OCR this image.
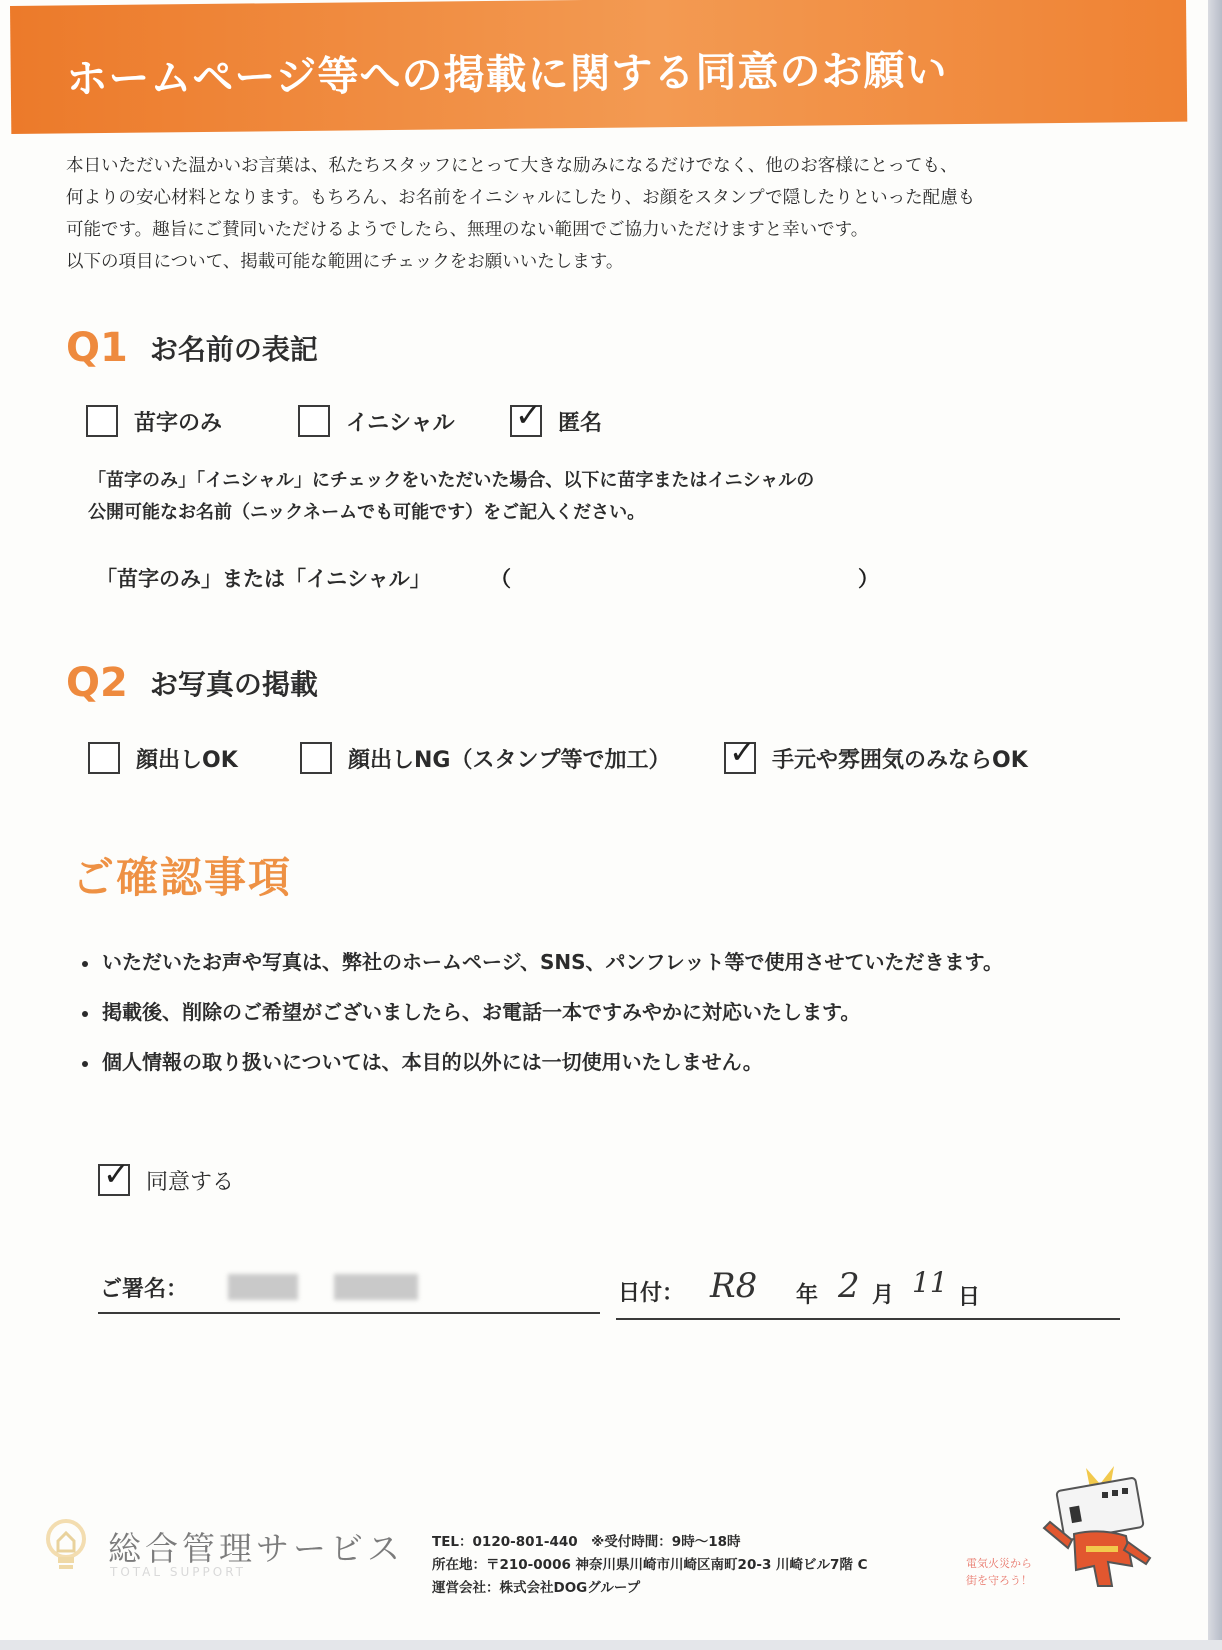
ホームページ等への掲載に関する同意のお願い
本日いただいた温かいお言葉は、私たちスタッフにとって大きな励みになるだけでなく、他のお客様にとっても、
何よりの安心材料となります。もちろん、お名前をイニシャルにしたり、お顔をスタンプで隠したりといった配慮も
可能です。趣旨にご賛同いただけるようでしたら、無理のない範囲でご協力いただけますと幸いです。
以下の項目について、掲載可能な範囲にチェックをお願いいたします。
Q1 お名前の表記
苗字のみ	イニシャル ✓ 匿名
「苗字のみ」「イニシャル」にチェックをいただいた場合、以下に苗字またはイニシャルの
公開可能なお名前（ニックネームでも可能です）をご記入ください。
「苗字のみ」または「イニシャル」	（	）
Q2 お写真の掲載
顔出しOK	顔出しNG（スタンプ等で加工） ✓ 手元や雰囲気のみならOK
ご確認事項
いただいたお声や写真は、弊社のホームページ、SNS、パンフレット等で使用させていただきます。
掲載後、削除のご希望がございましたら、お電話一本ですみやかに対応いたします。
個人情報の取り扱いについては、本目的以外には一切使用いたしません。
✓ 同意する
ご署名：	日付： R8 年 2 月 11 日
総合管理サービス
TOTAL SUPPORT
TEL：0120-801-440　※受付時間：9時〜18時
所在地：〒210-0006 神奈川県川崎市川崎区南町20-3 川崎ビル7階 C
運営会社：株式会社DOGグループ
電気火災から
街を守ろう！
